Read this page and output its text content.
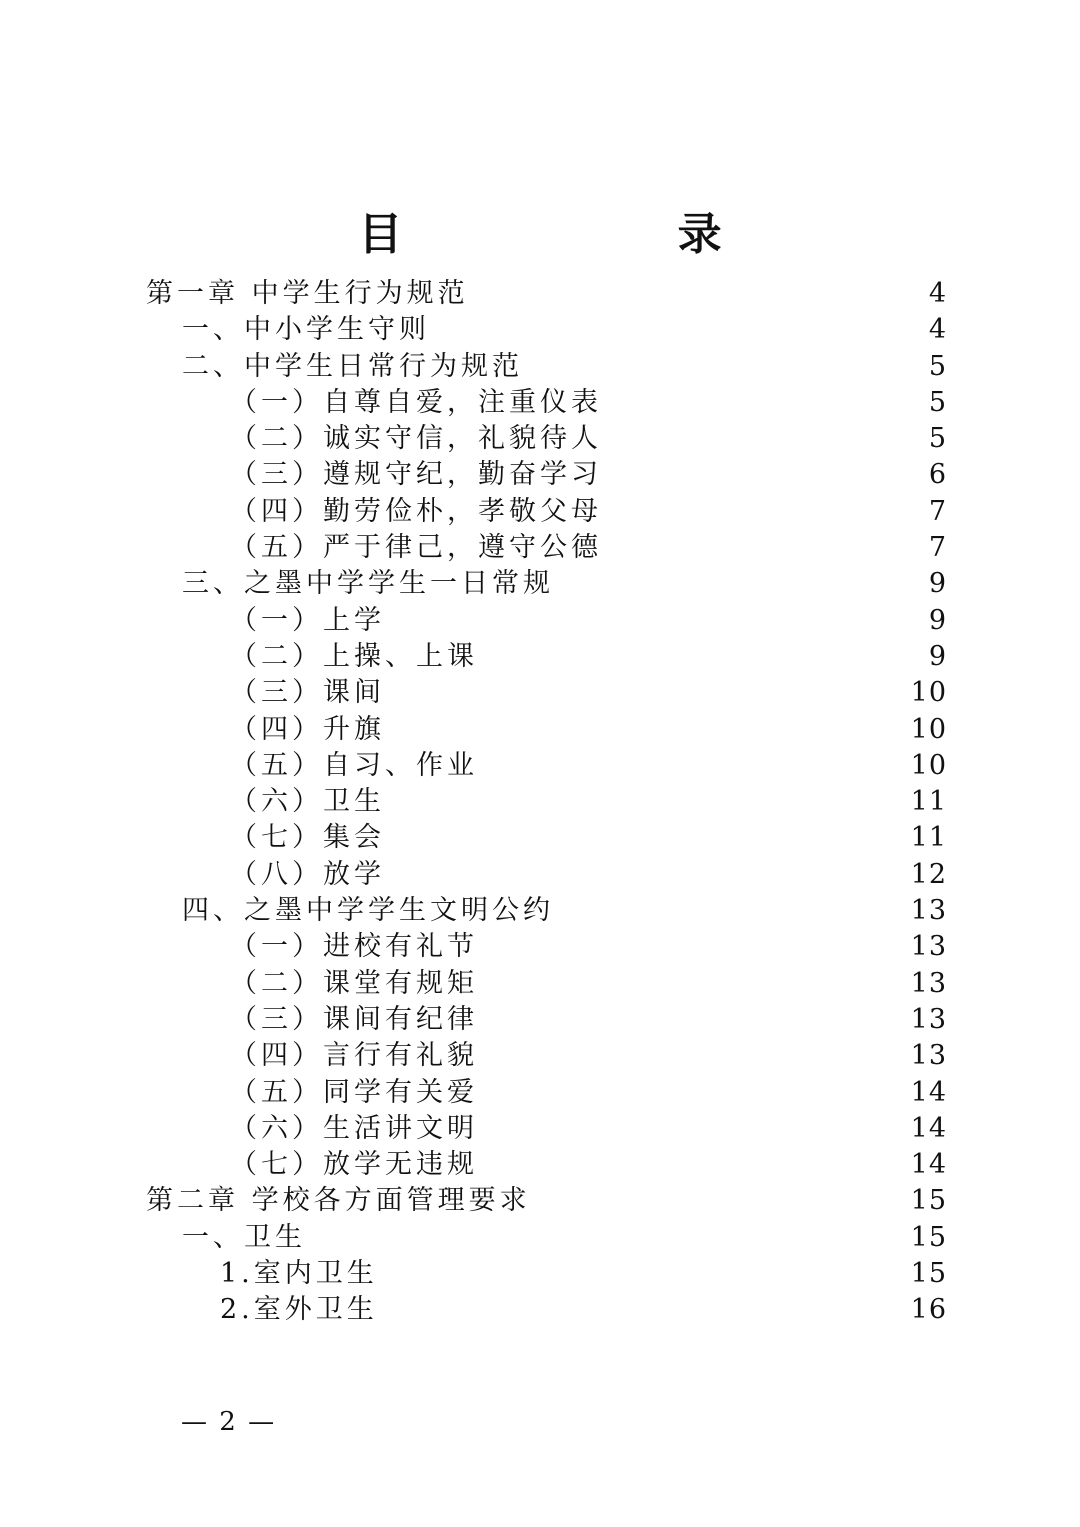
目 录
第一章 中学生行为规范	4
一、中小学生守则	4
二、中学生日常行为规范	5
（一）自尊自爱，注重仪表	5
（二）诚实守信，礼貌待人	5
（三）遵规守纪，勤奋学习	6
（四）勤劳俭朴，孝敬父母	7
（五）严于律己，遵守公德	7
三、之墨中学学生一日常规	9
（一）上学	9
（二）上操、上课	9
（三）课间	10
（四）升旗	10
（五）自习、作业	10
（六）卫生	11
（七）集会	11
（八）放学	12
四、之墨中学学生文明公约	13
（一）进校有礼节	13
（二）课堂有规矩	13
（三）课间有纪律	13
（四）言行有礼貌	13
（五）同学有关爱	14
（六）生活讲文明	14
（七）放学无违规	14
第二章 学校各方面管理要求	15
一、卫生	15
1.室内卫生	15
2.室外卫生	16
— 2 —
